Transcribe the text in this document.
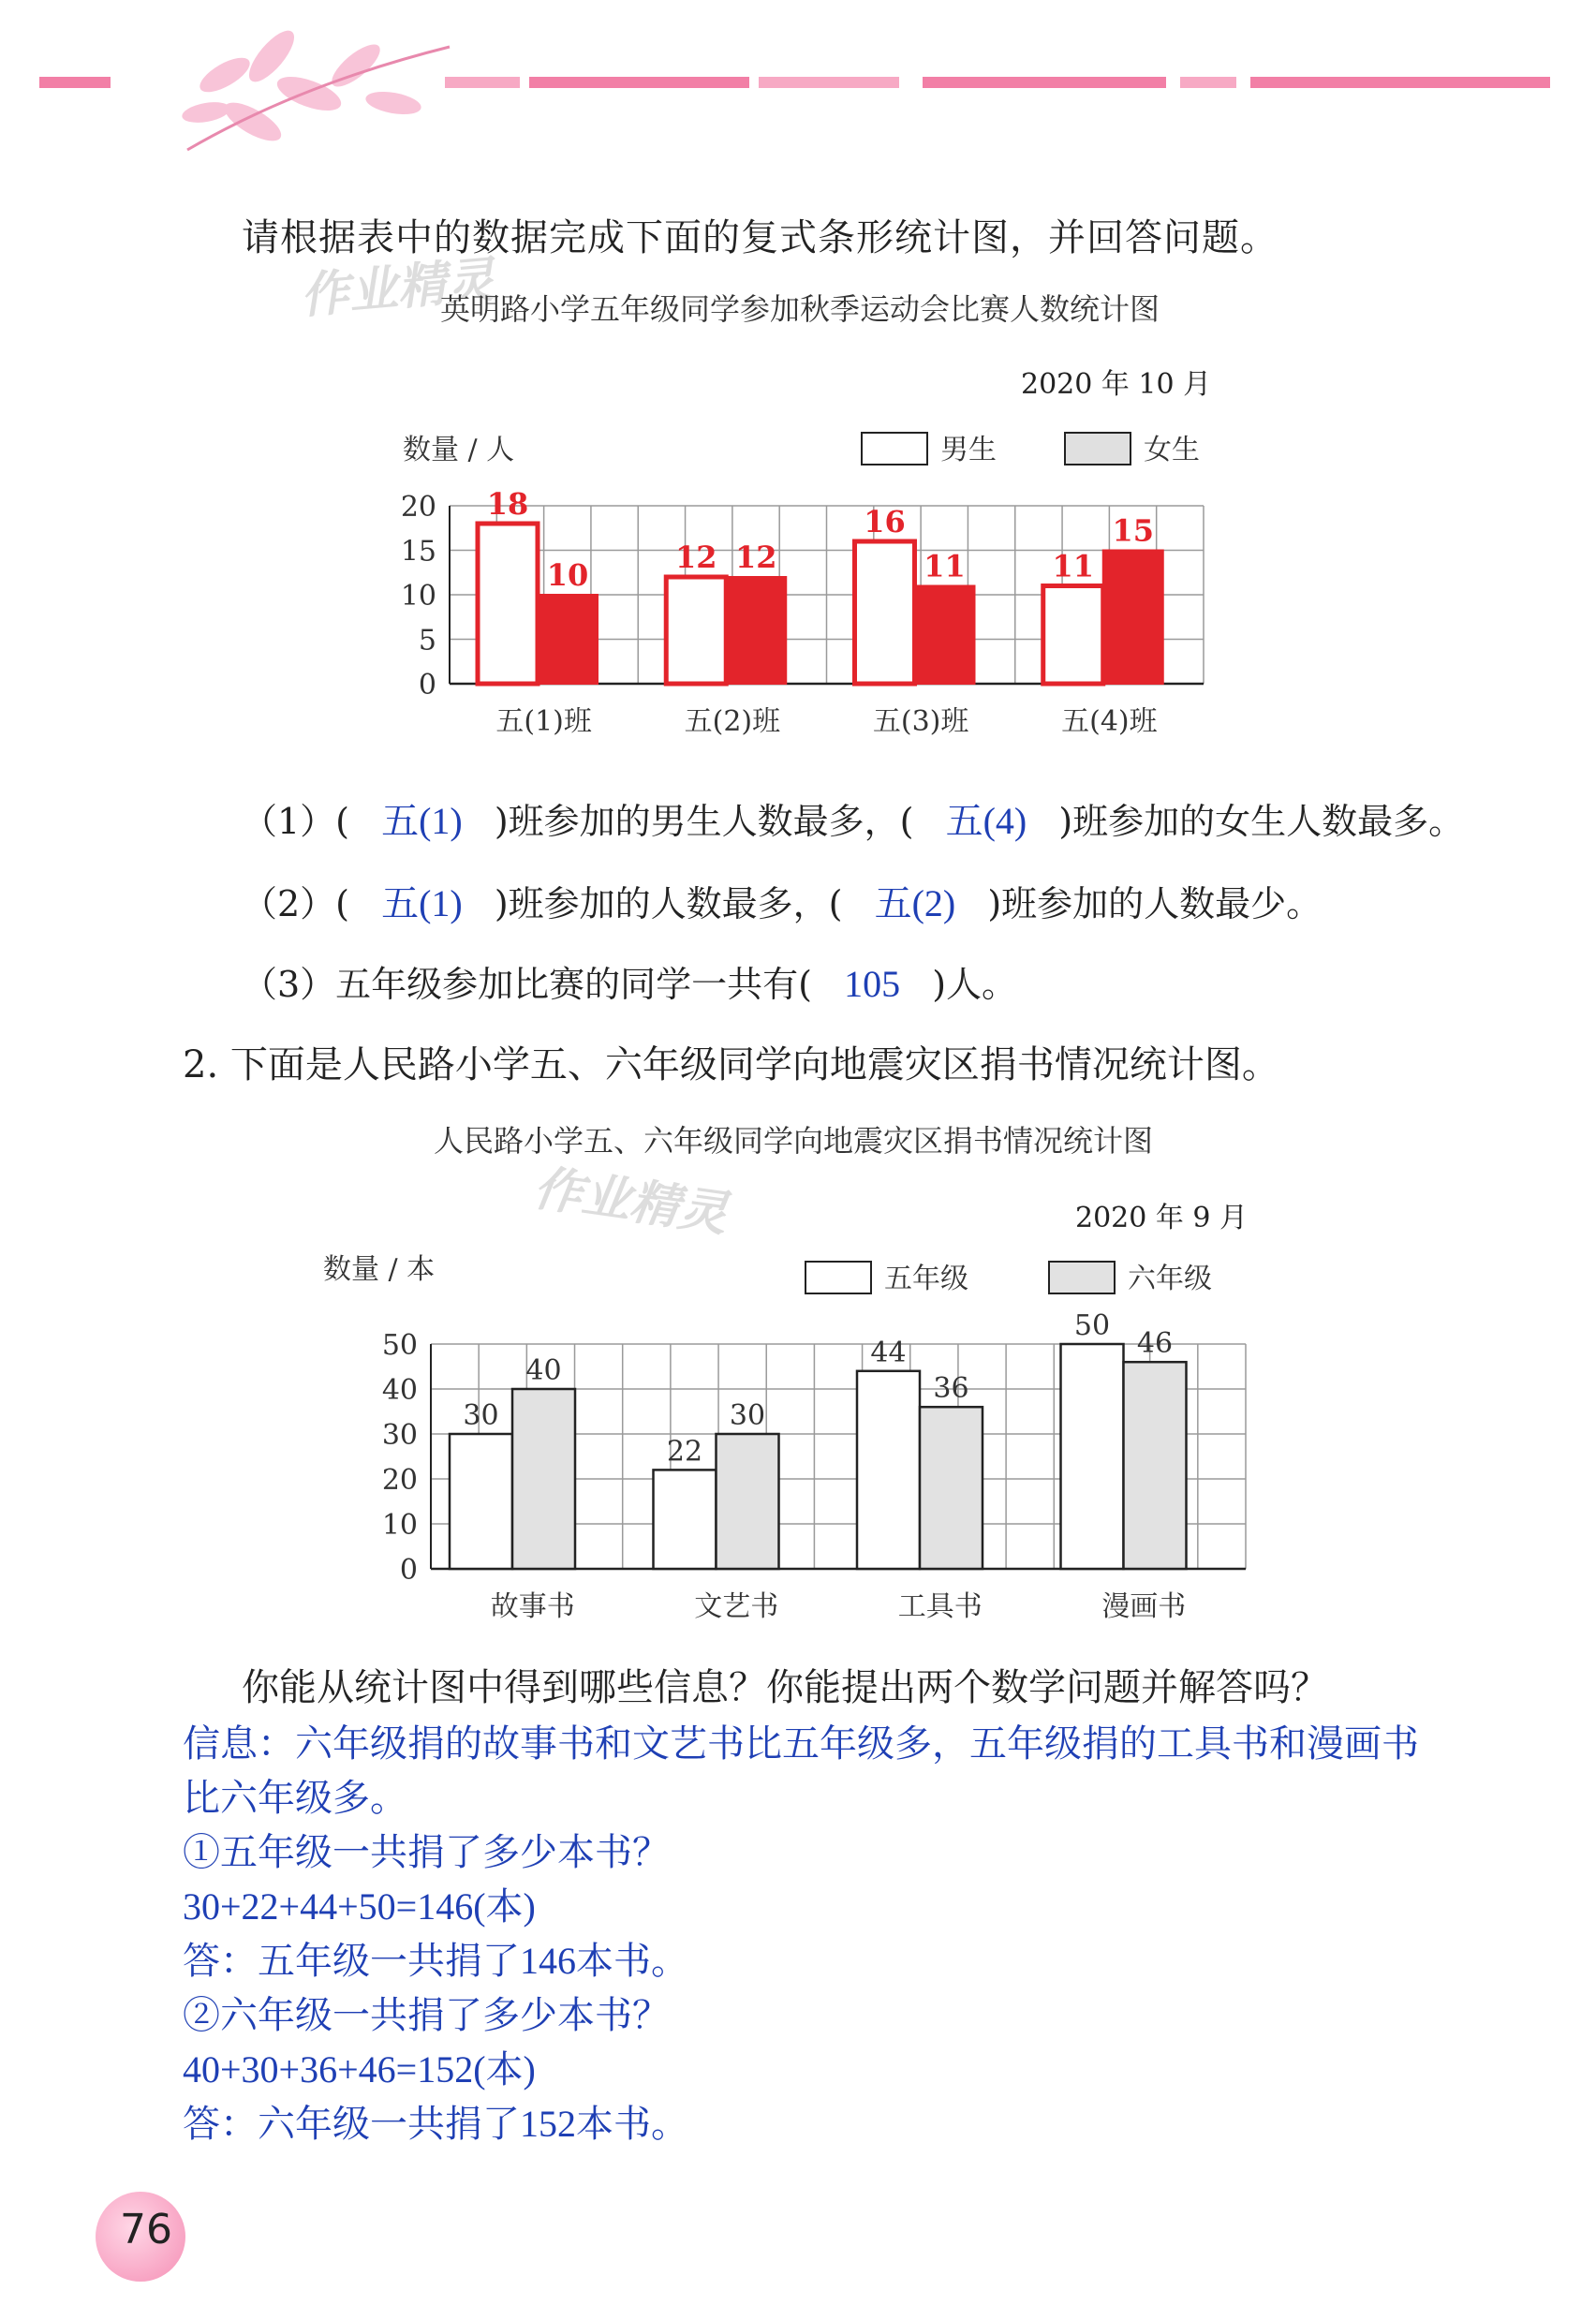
请根据表中的数据完成下面的复式条形统计图，并回答问题。
作业精灵
英明路小学五年级同学参加秋季运动会比赛人数统计图
2020 年 10 月
0
5
10
15
20
数量 / 人	男生	女生
18
10
五(1)班
12 12
五(2)班
16
11
五(3)班
11
15
五(4)班
（1）( 五(1) )班参加的男生人数最多，( 五(4) )班参加的女生人数最多。
（2）( 五(1) )班参加的人数最多，( 五(2) )班参加的人数最少。
（3）五年级参加比赛的同学一共有( 105 )人。
2. 下面是人民路小学五、六年级同学向地震灾区捐书情况统计图。
人民路小学五、六年级同学向地震灾区捐书情况统计图
作业精灵	2020 年 9 月
0
10
20
30
40
50
数量 / 本	五年级	六年级
30
40
故事书
22
30
文艺书
44
36
工具书
50
46
漫画书
你能从统计图中得到哪些信息？你能提出两个数学问题并解答吗？
信息：六年级捐的故事书和文艺书比五年级多，五年级捐的工具书和漫画书
比六年级多。
①五年级一共捐了多少本书？
30+22+44+50=146(本)
答：五年级一共捐了146本书。
②六年级一共捐了多少本书？
40+30+36+46=152(本)
答：六年级一共捐了152本书。
76
